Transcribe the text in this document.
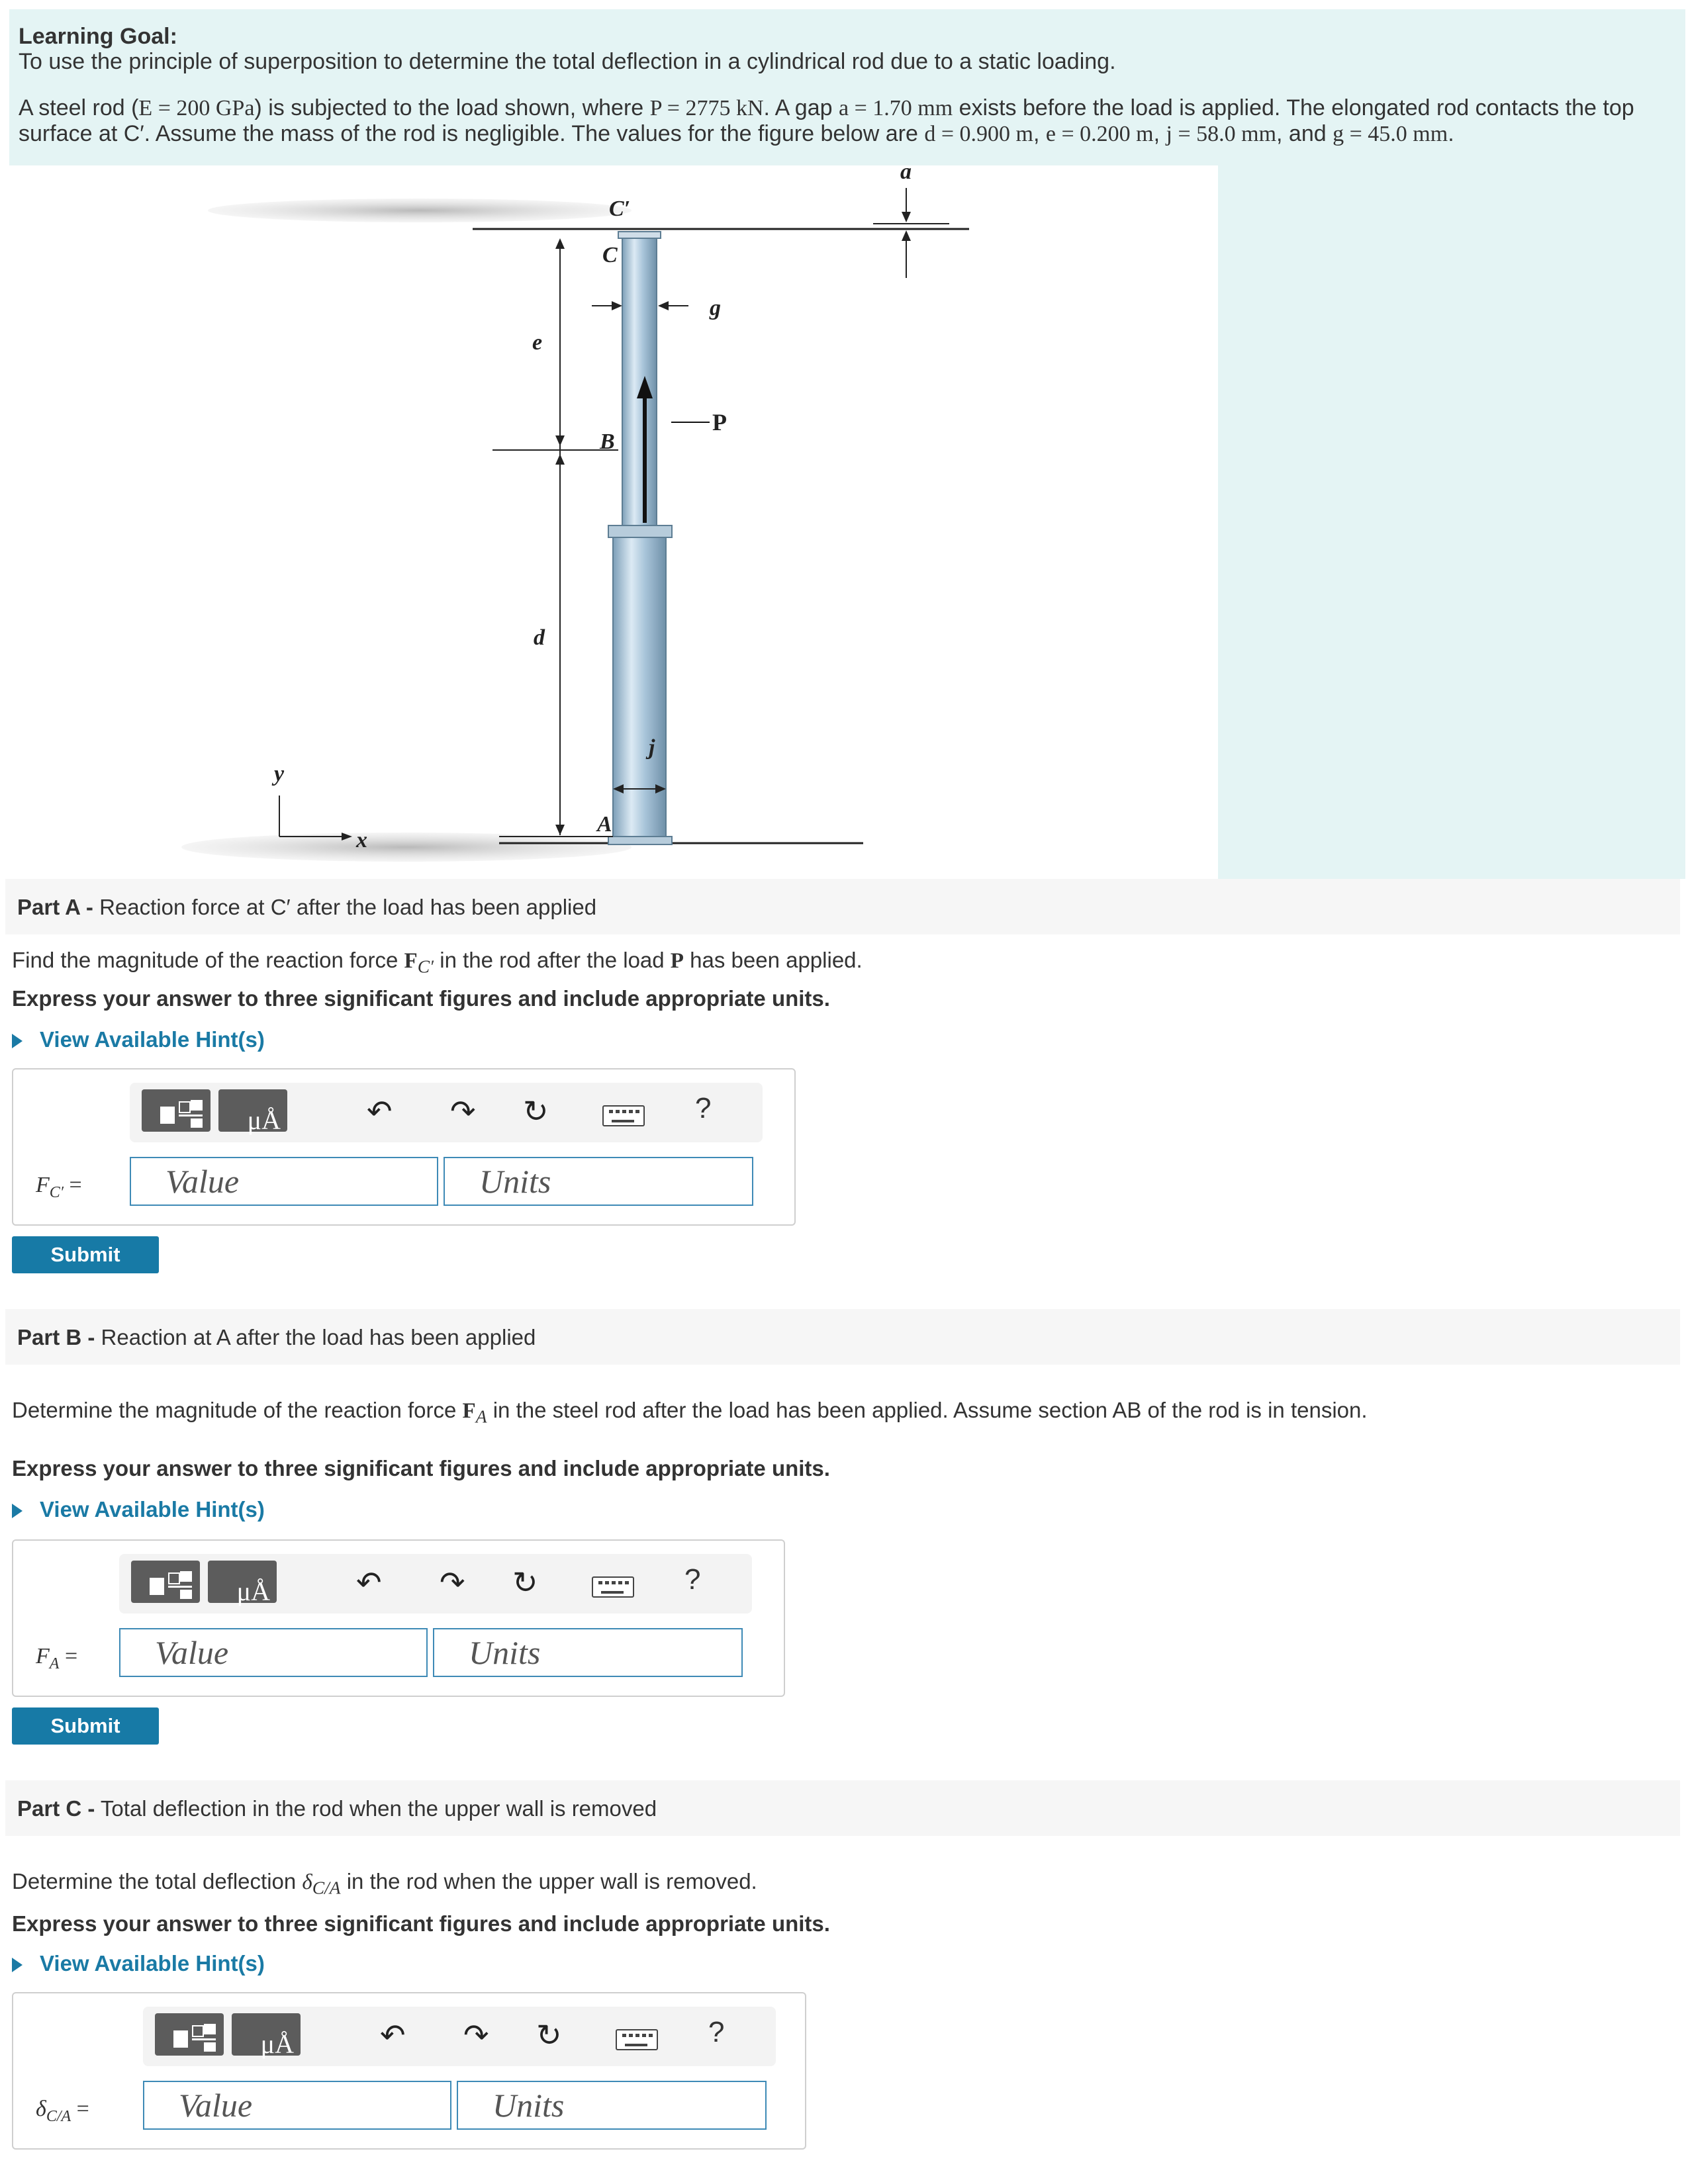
Learning Goal:
To use the principle of superposition to determine the total deflection in a cylindrical rod due to a static loading.
A steel rod (E = 200 GPa) is subjected to the load shown, where P = 2775 kN. A gap a = 1.70 mm exists before the load is applied. The elongated rod contacts the top surface at C′. Assume the mass of the rod is negligible. The values for the figure below are d = 0.900 m, e = 0.200 m, j = 58.0 mm, and g = 45.0 mm.
C′
C
a
e
g
B
d
j
A
y
x
P
Part A - Reaction force at C′ after the load has been applied
Find the magnitude of the reaction force $F_{C'}$ in the rod after the load P has been applied.
Express your answer to three significant figures and include appropriate units.
View Available Hint(s)
μÅ	↶ ↷ ↻	?
$F_{C'}$ =
Value
Units
Submit
Part B - Reaction at A after the load has been applied
Determine the magnitude of the reaction force $F_A$ in the steel rod after the load has been applied. Assume section AB of the rod is in tension.
Express your answer to three significant figures and include appropriate units.
View Available Hint(s)
μÅ	↶ ↷ ↻	?
$F_A$ =
Value
Units
Submit
Part C - Total deflection in the rod when the upper wall is removed
Determine the total deflection $\delta_{C/A}$ in the rod when the upper wall is removed.
Express your answer to three significant figures and include appropriate units.
View Available Hint(s)
μÅ	↶ ↷ ↻	?
$\delta_{C/A}$ =
Value
Units
